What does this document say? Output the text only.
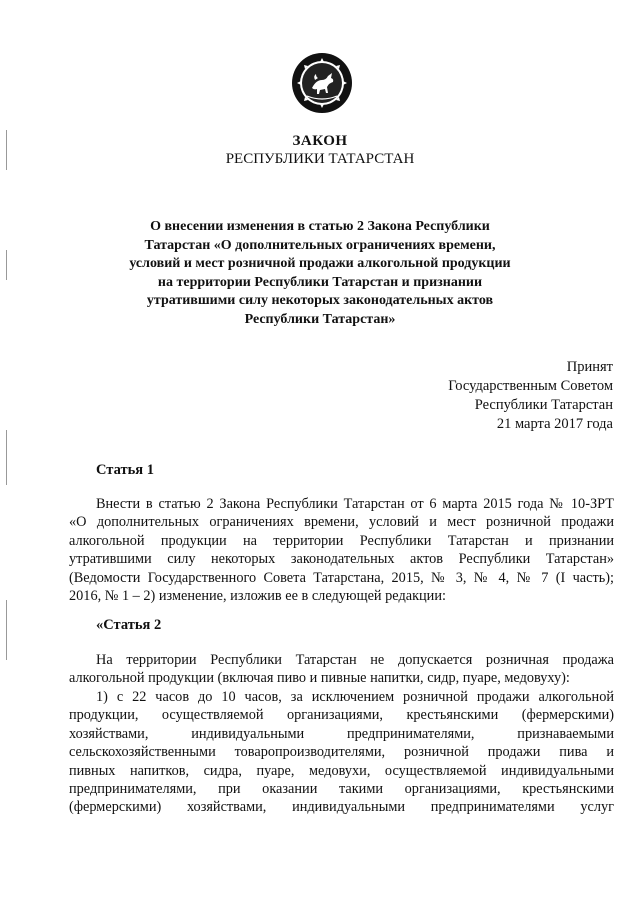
ЗАКОН
РЕСПУБЛИКИ ТАТАРСТАН
О внесении изменения в статью 2 Закона Республики
Татарстан «О дополнительных ограничениях времени,
условий и мест розничной продажи алкогольной продукции
на территории Республики Татарстан и признании
утратившими силу некоторых законодательных актов
Республики Татарстан»
Принят
Государственным Советом
Республики Татарстан
21 марта 2017 года
Статья 1
Внести в статью 2 Закона Республики Татарстан от 6 марта 2015 года № 10-ЗРТ
«О дополнительных ограничениях времени, условий и мест розничной продажи
алкогольной продукции на территории Республики Татарстан и признании
утратившими силу некоторых законодательных актов Республики Татарстан»
(Ведомости Государственного Совета Татарстана, 2015, № 3, № 4, № 7 (I часть);
2016, № 1 – 2) изменение, изложив ее в следующей редакции:
«Статья 2
На территории Республики Татарстан не допускается розничная продажа
алкогольной продукции (включая пиво и пивные напитки, сидр, пуаре, медовуху):
1) с 22 часов до 10 часов, за исключением розничной продажи алкогольной
продукции, осуществляемой организациями, крестьянскими (фермерскими)
хозяйствами, индивидуальными предпринимателями, признаваемыми
сельскохозяйственными товаропроизводителями, розничной продажи пива и
пивных напитков, сидра, пуаре, медовухи, осуществляемой индивидуальными
предпринимателями, при оказании такими организациями, крестьянскими
(фермерскими) хозяйствами, индивидуальными предпринимателями услуг
